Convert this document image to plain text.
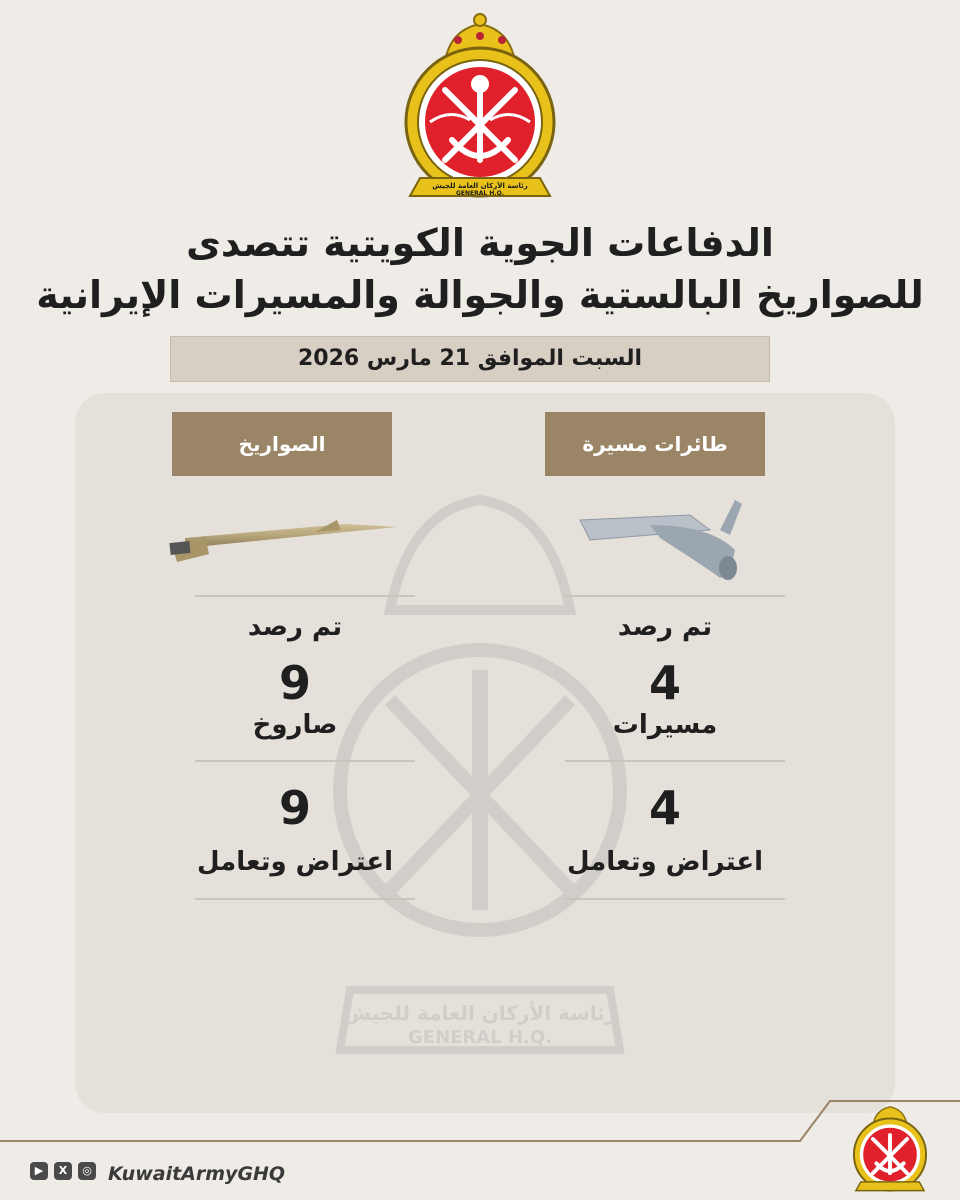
رئاسة الأركان العامة للجيش
GENERAL H.Q.
الدفاعات الجوية الكويتية تتصدى
للصواريخ البالستية والجوالة والمسيرات الإيرانية
السبت الموافق 21 مارس 2026
رئاسة الأركان العامة للجيش
GENERAL H.Q.
الصواريخ	طائرات مسيرة
تم رصد
9
صاروخ
9
اعتراض وتعامل
تم رصد
4
مسيرات
4
اعتراض وتعامل
▶	X	◎ KuwaitArmyGHQ
